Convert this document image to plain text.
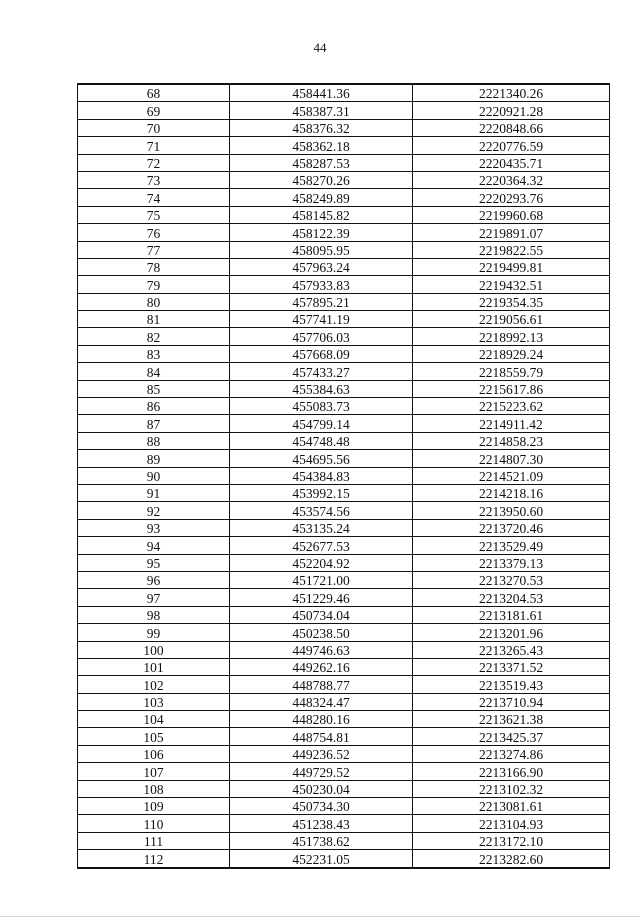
44
68	458441.36	2221340.26
69	458387.31	2220921.28
70	458376.32	2220848.66
71	458362.18	2220776.59
72	458287.53	2220435.71
73	458270.26	2220364.32
74	458249.89	2220293.76
75	458145.82	2219960.68
76	458122.39	2219891.07
77	458095.95	2219822.55
78	457963.24	2219499.81
79	457933.83	2219432.51
80	457895.21	2219354.35
81	457741.19	2219056.61
82	457706.03	2218992.13
83	457668.09	2218929.24
84	457433.27	2218559.79
85	455384.63	2215617.86
86	455083.73	2215223.62
87	454799.14	2214911.42
88	454748.48	2214858.23
89	454695.56	2214807.30
90	454384.83	2214521.09
91	453992.15	2214218.16
92	453574.56	2213950.60
93	453135.24	2213720.46
94	452677.53	2213529.49
95	452204.92	2213379.13
96	451721.00	2213270.53
97	451229.46	2213204.53
98	450734.04	2213181.61
99	450238.50	2213201.96
100	449746.63	2213265.43
101	449262.16	2213371.52
102	448788.77	2213519.43
103	448324.47	2213710.94
104	448280.16	2213621.38
105	448754.81	2213425.37
106	449236.52	2213274.86
107	449729.52	2213166.90
108	450230.04	2213102.32
109	450734.30	2213081.61
110	451238.43	2213104.93
111	451738.62	2213172.10
112	452231.05	2213282.60
